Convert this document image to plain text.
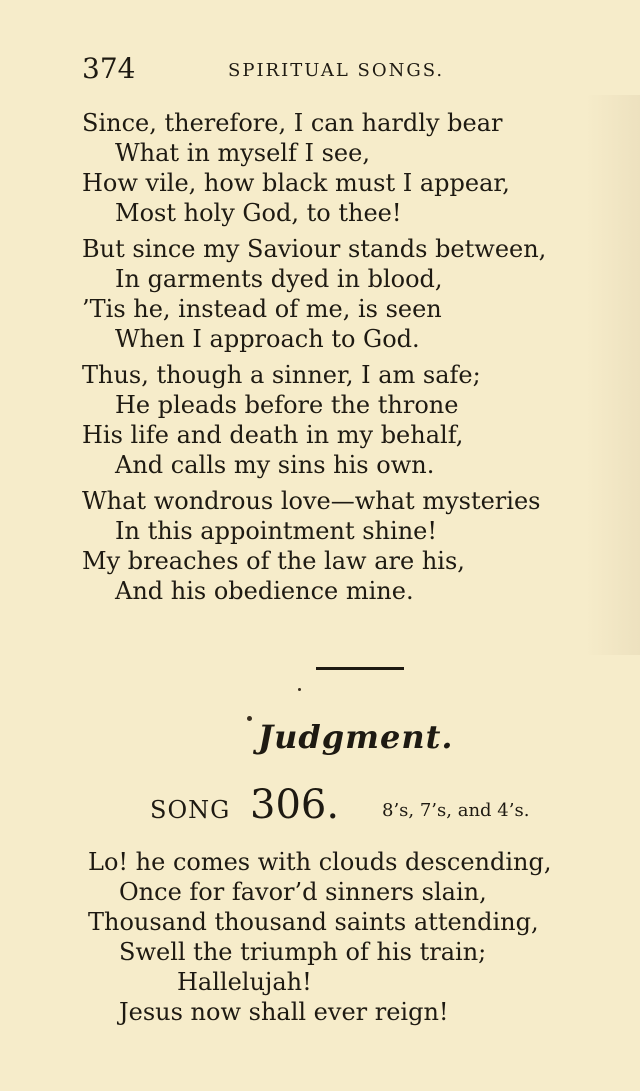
374	SPIRITUAL SONGS.
Since, therefore, I can hardly bear
What in myself I see,
How vile, how black must I appear,
Most holy God, to thee!
But since my Saviour stands between,
In garments dyed in blood,
’Tis he, instead of me, is seen
When I approach to God.
Thus, though a sinner, I am safe;
He pleads before the throne
His life and death in my behalf,
And calls my sins his own.
What wondrous love—what mysteries
In this appointment shine!
My breaches of the law are his,
And his obedience mine.
Judgment.
SONG 306. 8’s, 7’s, and 4’s.
Lo! he comes with clouds descending,
Once for favor’d sinners slain,
Thousand thousand saints attending,
Swell the triumph of his train;
Hallelujah!
Jesus now shall ever reign!
